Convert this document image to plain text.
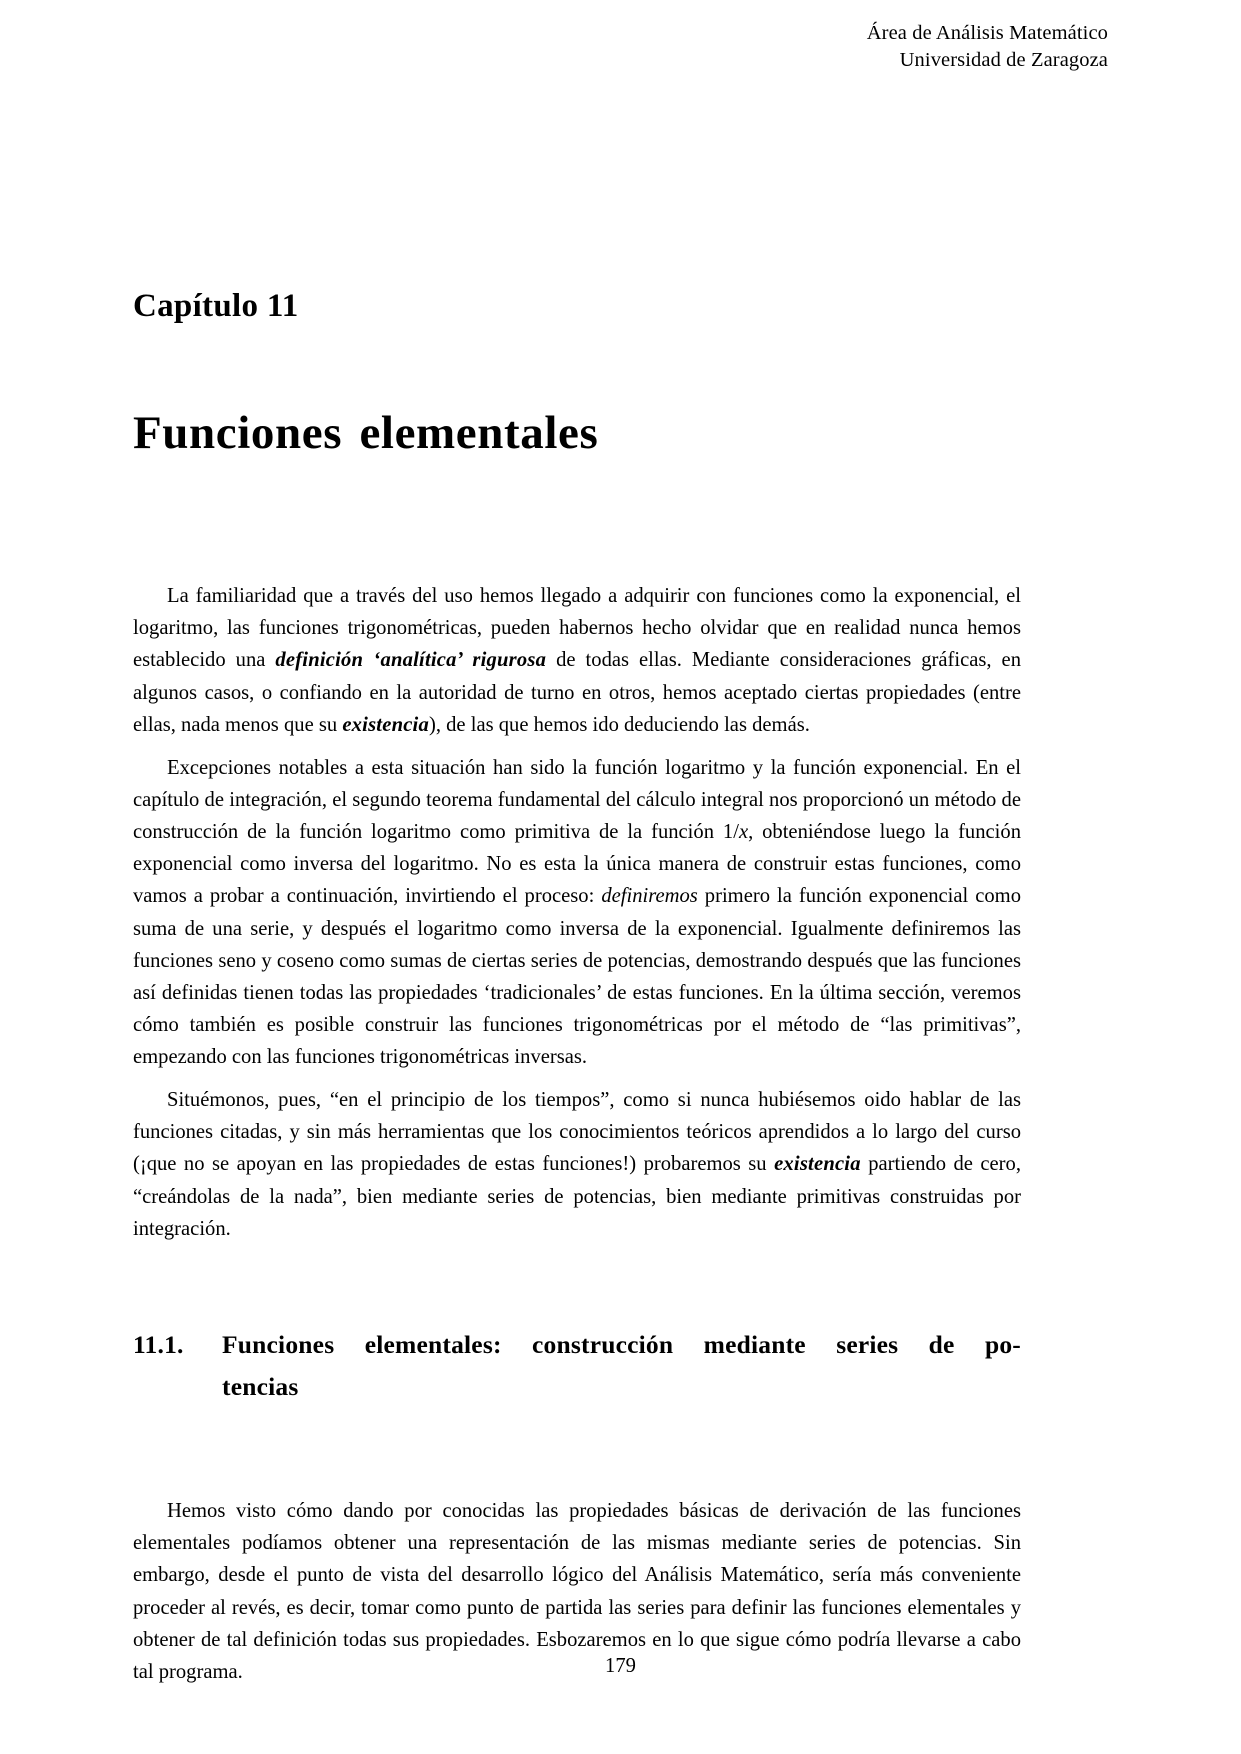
Área de Análisis Matemático
Universidad de Zaragoza
Capítulo 11
Funciones elementales

La familiaridad que a través del uso hemos llegado a adquirir con funciones como la exponencial, el logaritmo, las funciones trigonométricas, pueden habernos hecho olvidar que en realidad nunca hemos establecido una definición ‘analítica’ rigurosa de todas ellas. Mediante consideraciones gráficas, en algunos casos, o confiando en la autoridad de turno en otros, hemos aceptado ciertas propiedades (entre ellas, nada menos que su existencia), de las que hemos ido deduciendo las demás.

Excepciones notables a esta situación han sido la función logaritmo y la función exponencial. En el capítulo de integración, el segundo teorema fundamental del cálculo integral nos proporcionó un método de construcción de la función logaritmo como primitiva de la función 1/x, obteniéndose luego la función exponencial como inversa del logaritmo. No es esta la única manera de construir estas funciones, como vamos a probar a continuación, invirtiendo el proceso: definiremos primero la función exponencial como suma de una serie, y después el logaritmo como inversa de la exponencial. Igualmente definiremos las funciones seno y coseno como sumas de ciertas series de potencias, demostrando después que las funciones así definidas tienen todas las propiedades ‘tradicionales’ de estas funciones. En la última sección, veremos cómo también es posible construir las funciones trigonométricas por el método de “las primitivas”, empezando con las funciones trigonométricas inversas.

Situémonos, pues, “en el principio de los tiempos”, como si nunca hubiésemos oido hablar de las funciones citadas, y sin más herramientas que los conocimientos teóricos aprendidos a lo largo del curso (¡que no se apoyan en las propiedades de estas funciones!) probaremos su existencia partiendo de cero, “creándolas de la nada”, bien mediante series de potencias, bien mediante primitivas construidas por integración.

11.1.	Funciones elementales: construcción mediante series de po-
tencias

Hemos visto cómo dando por conocidas las propiedades básicas de derivación de las funciones elementales podíamos obtener una representación de las mismas mediante series de potencias. Sin embargo, desde el punto de vista del desarrollo lógico del Análisis Matemático, sería más conveniente proceder al revés, es decir, tomar como punto de partida las series para definir las funciones elementales y obtener de tal definición todas sus propiedades. Esbozaremos en lo que sigue cómo podría llevarse a cabo tal programa.	179
